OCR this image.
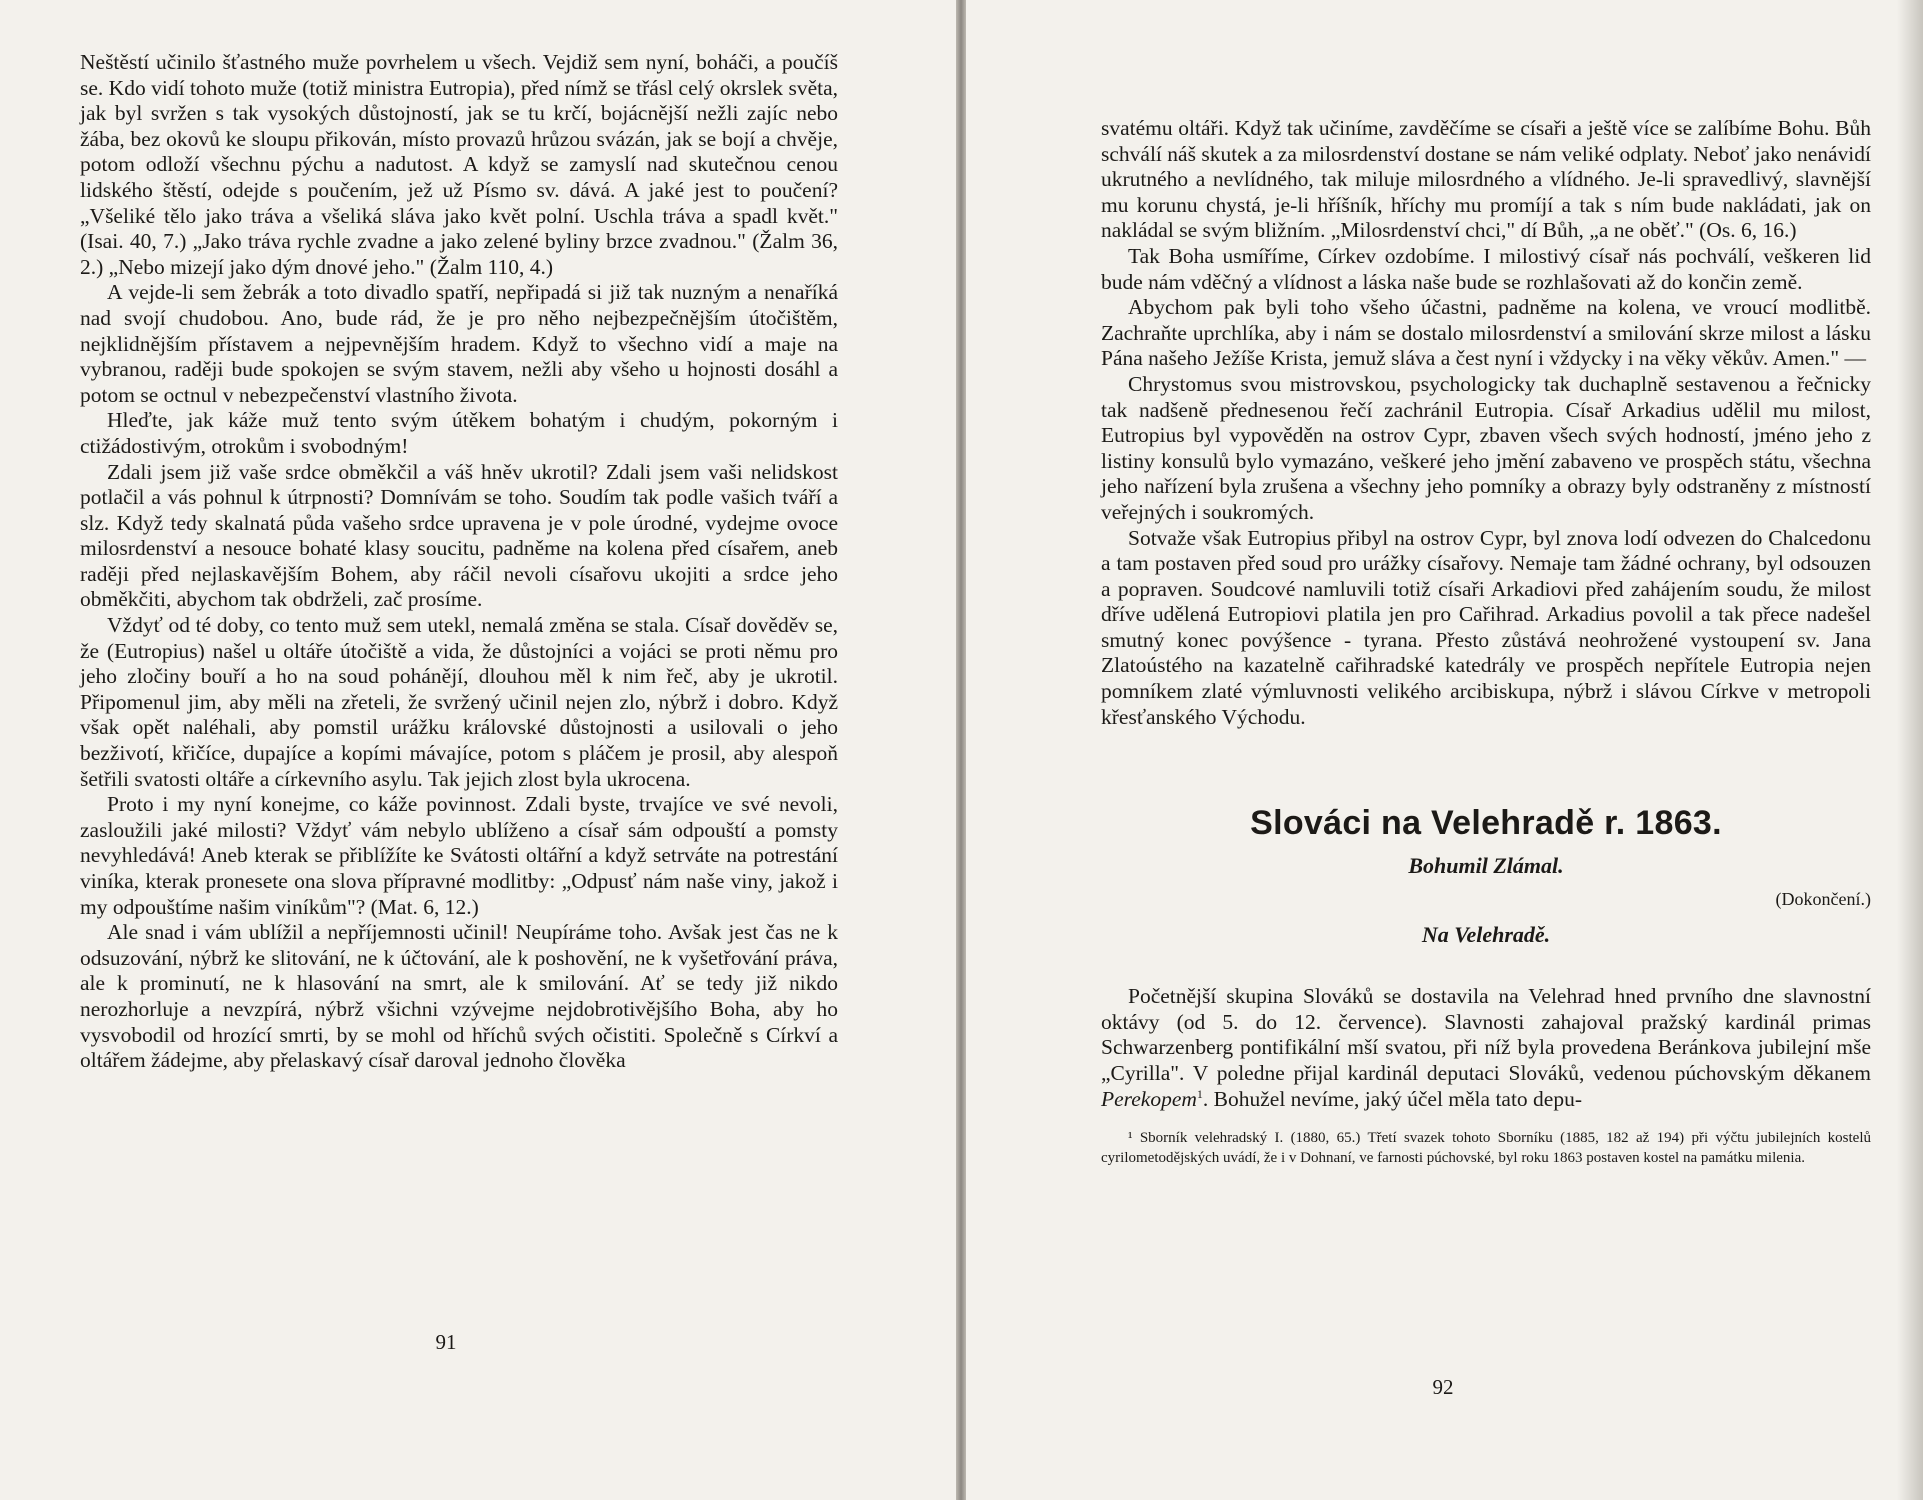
Neštěstí učinilo šťastného muže povrhelem u všech. Vejdiž sem nyní, boháči, a poučíš se. Kdo vidí tohoto muže (totiž ministra Eutropia), před nímž se třásl celý okrslek světa, jak byl svržen s tak vysokých důstojností, jak se tu krčí, bojácnější nežli zajíc nebo žába, bez okovů ke sloupu přikován, místo provazů hrůzou svázán, jak se bojí a chvěje, potom odloží všechnu pýchu a nadutost. A když se zamyslí nad skutečnou cenou lidského štěstí, odejde s poučením, jež už Písmo sv. dává. A jaké jest to poučení? „Všeliké tělo jako tráva a všeliká sláva jako květ polní. Uschla tráva a spadl květ." (Isai. 40, 7.) „Jako tráva rychle zvadne a jako zelené byliny brzce zvadnou." (Žalm 36, 2.) „Nebo mizejí jako dým dnové jeho." (Žalm 110, 4.)

A vejde-li sem žebrák a toto divadlo spatří, nepřipadá si již tak nuzným a nenaříká nad svojí chudobou. Ano, bude rád, že je pro něho nejbezpečnějším útočištěm, nejklidnějším přístavem a nejpevnějším hradem. Když to všechno vidí a maje na vybranou, raději bude spokojen se svým stavem, nežli aby všeho u hojnosti dosáhl a potom se octnul v nebezpečenství vlastního života.

Hleďte, jak káže muž tento svým útěkem bohatým i chudým, pokorným i ctižádostivým, otrokům i svobodným!

Zdali jsem již vaše srdce obměkčil a váš hněv ukrotil? Zdali jsem vaši nelidskost potlačil a vás pohnul k útrpnosti? Domnívám se toho. Soudím tak podle vašich tváří a slz. Když tedy skalnatá půda vašeho srdce upravena je v pole úrodné, vydejme ovoce milosrdenství a nesouce bohaté klasy soucitu, padněme na kolena před císařem, aneb raději před nejlaskavějším Bohem, aby ráčil nevoli císařovu ukojiti a srdce jeho obměkčiti, abychom tak obdrželi, zač prosíme.

Vždyť od té doby, co tento muž sem utekl, nemalá změna se stala. Císař dověděv se, že (Eutropius) našel u oltáře útočiště a vida, že důstojníci a vojáci se proti němu pro jeho zločiny bouří a ho na soud pohánějí, dlouhou měl k nim řeč, aby je ukrotil. Připomenul jim, aby měli na zřeteli, že svržený učinil nejen zlo, nýbrž i dobro. Když však opět naléhali, aby pomstil urážku královské důstojnosti a usilovali o jeho bezživotí, křičíce, dupajíce a kopími mávajíce, potom s pláčem je prosil, aby alespoň šetřili svatosti oltáře a církevního asylu. Tak jejich zlost byla ukrocena.

Proto i my nyní konejme, co káže povinnost. Zdali byste, trvajíce ve své nevoli, zasloužili jaké milosti? Vždyť vám nebylo ublíženo a císař sám odpouští a pomsty nevyhledává! Aneb kterak se přiblížíte ke Svátosti oltářní a když setrváte na potrestání viníka, kterak pronesete ona slova přípravné modlitby: „Odpusť nám naše viny, jakož i my odpouštíme našim viníkům"? (Mat. 6, 12.)

Ale snad i vám ublížil a nepříjemnosti učinil! Neupíráme toho. Avšak jest čas ne k odsuzování, nýbrž ke slitování, ne k účtování, ale k poshovění, ne k vyšetřování práva, ale k prominutí, ne k hlasování na smrt, ale k smilování. Ať se tedy již nikdo nerozhorluje a nevzpírá, nýbrž všichni vzývejme nejdobrotivějšího Boha, aby ho vysvobodil od hrozící smrti, by se mohl od hříchů svých očistiti. Společně s Církví a oltářem žádejme, aby přelaskavý císař daroval jednoho člověka

91

svatému oltáři. Když tak učiníme, zavděčíme se císaři a ještě více se zalíbíme Bohu. Bůh schválí náš skutek a za milosrdenství dostane se nám veliké odplaty. Neboť jako nenávidí ukrutného a nevlídného, tak miluje milosrdného a vlídného. Je-li spravedlivý, slavnější mu korunu chystá, je-li hříšník, hříchy mu promíjí a tak s ním bude nakládati, jak on nakládal se svým bližním. „Milosrdenství chci," dí Bůh, „a ne oběť." (Os. 6, 16.)

Tak Boha usmíříme, Církev ozdobíme. I milostivý císař nás pochválí, veškeren lid bude nám vděčný a vlídnost a láska naše bude se rozhlašovati až do končin země.

Abychom pak byli toho všeho účastni, padněme na kolena, ve vroucí modlitbě. Zachraňte uprchlíka, aby i nám se dostalo milosrdenství a smilování skrze milost a lásku Pána našeho Ježíše Krista, jemuž sláva a čest nyní i vždycky i na věky věkův. Amen." —

Chrystomus svou mistrovskou, psychologicky tak duchaplně sestavenou a řečnicky tak nadšeně přednesenou řečí zachránil Eutropia. Císař Arkadius udělil mu milost, Eutropius byl vypověděn na ostrov Cypr, zbaven všech svých hodností, jméno jeho z listiny konsulů bylo vymazáno, veškeré jeho jmění zabaveno ve prospěch státu, všechna jeho nařízení byla zrušena a všechny jeho pomníky a obrazy byly odstraněny z místností veřejných i soukromých.

Sotvaže však Eutropius přibyl na ostrov Cypr, byl znova lodí odvezen do Chalcedonu a tam postaven před soud pro urážky císařovy. Nemaje tam žádné ochrany, byl odsouzen a popraven. Soudcové namluvili totiž císaři Arkadiovi před zahájením soudu, že milost dříve udělená Eutropiovi platila jen pro Cařihrad. Arkadius povolil a tak přece nadešel smutný konec povýšence - tyrana. Přesto zůstává neohrožené vystoupení sv. Jana Zlatoústého na kazatelně cařihradské katedrály ve prospěch nepřítele Eutropia nejen pomníkem zlaté výmluvnosti velikého arcibiskupa, nýbrž i slávou Církve v metropoli křesťanského Východu.

Slováci na Velehradě r. 1863.
Bohumil Zlámal.
(Dokončení.)
Na Velehradě.

Početnější skupina Slováků se dostavila na Velehrad hned prvního dne slavnostní oktávy (od 5. do 12. července). Slavnosti zahajoval pražský kardinál primas Schwarzenberg pontifikální mší svatou, při níž byla provedena Beránkova jubilejní mše „Cyrilla". V poledne přijal kardinál deputaci Slováků, vedenou púchovským děkanem Perekopem$^1$. Bohužel nevíme, jaký účel měla tato depu-

¹ Sborník velehradský I. (1880, 65.) Třetí svazek tohoto Sborníku (1885, 182 až 194) při výčtu jubilejních kostelů cyrilometodějských uvádí, že i v Dohnaní, ve farnosti púchovské, byl roku 1863 postaven kostel na památku milenia.

92
